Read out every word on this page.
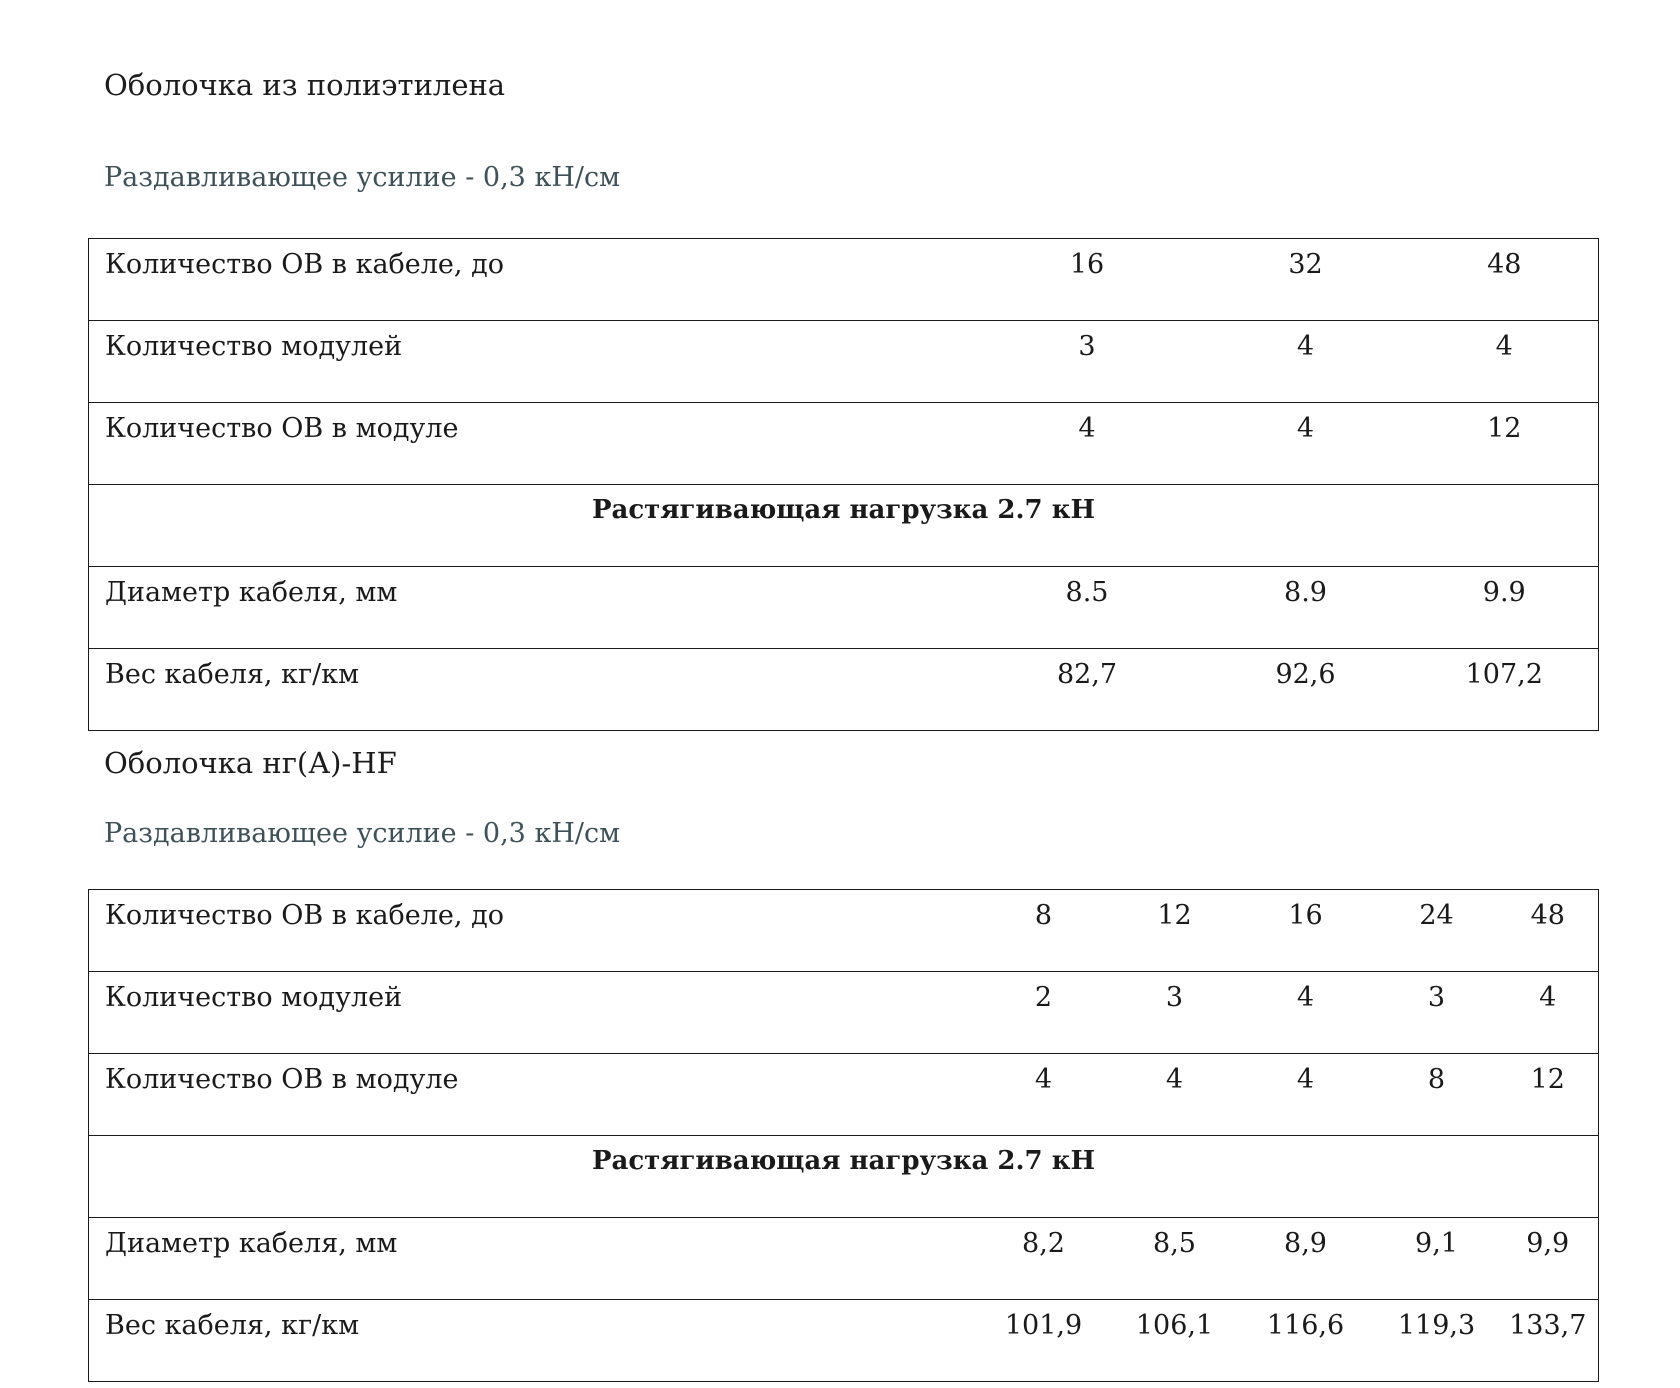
Оболочка из полиэтилена

Раздавливающее усилие - 0,3 кН/см

Количество ОВ в кабеле, до	16	32	48
Количество модулей	3	4	4
Количество ОВ в модуле	4	4	12
Растягивающая нагрузка 2.7 кН			
Диаметр кабеля, мм	8.5	8.9	9.9
Вес кабеля, кг/км	82,7	92,6	107,2
Оболочка нг(А)-HF

Раздавливающее усилие - 0,3 кН/см

Количество ОВ в кабеле, до	8	12	16	24	48
Количество модулей	2	3	4	3	4
Количество ОВ в модуле	4	4	4	8	12
Растягивающая нагрузка 2.7 кН					
Диаметр кабеля, мм	8,2	8,5	8,9	9,1	9,9
Вес кабеля, кг/км	101,9	106,1	116,6	119,3	133,7
